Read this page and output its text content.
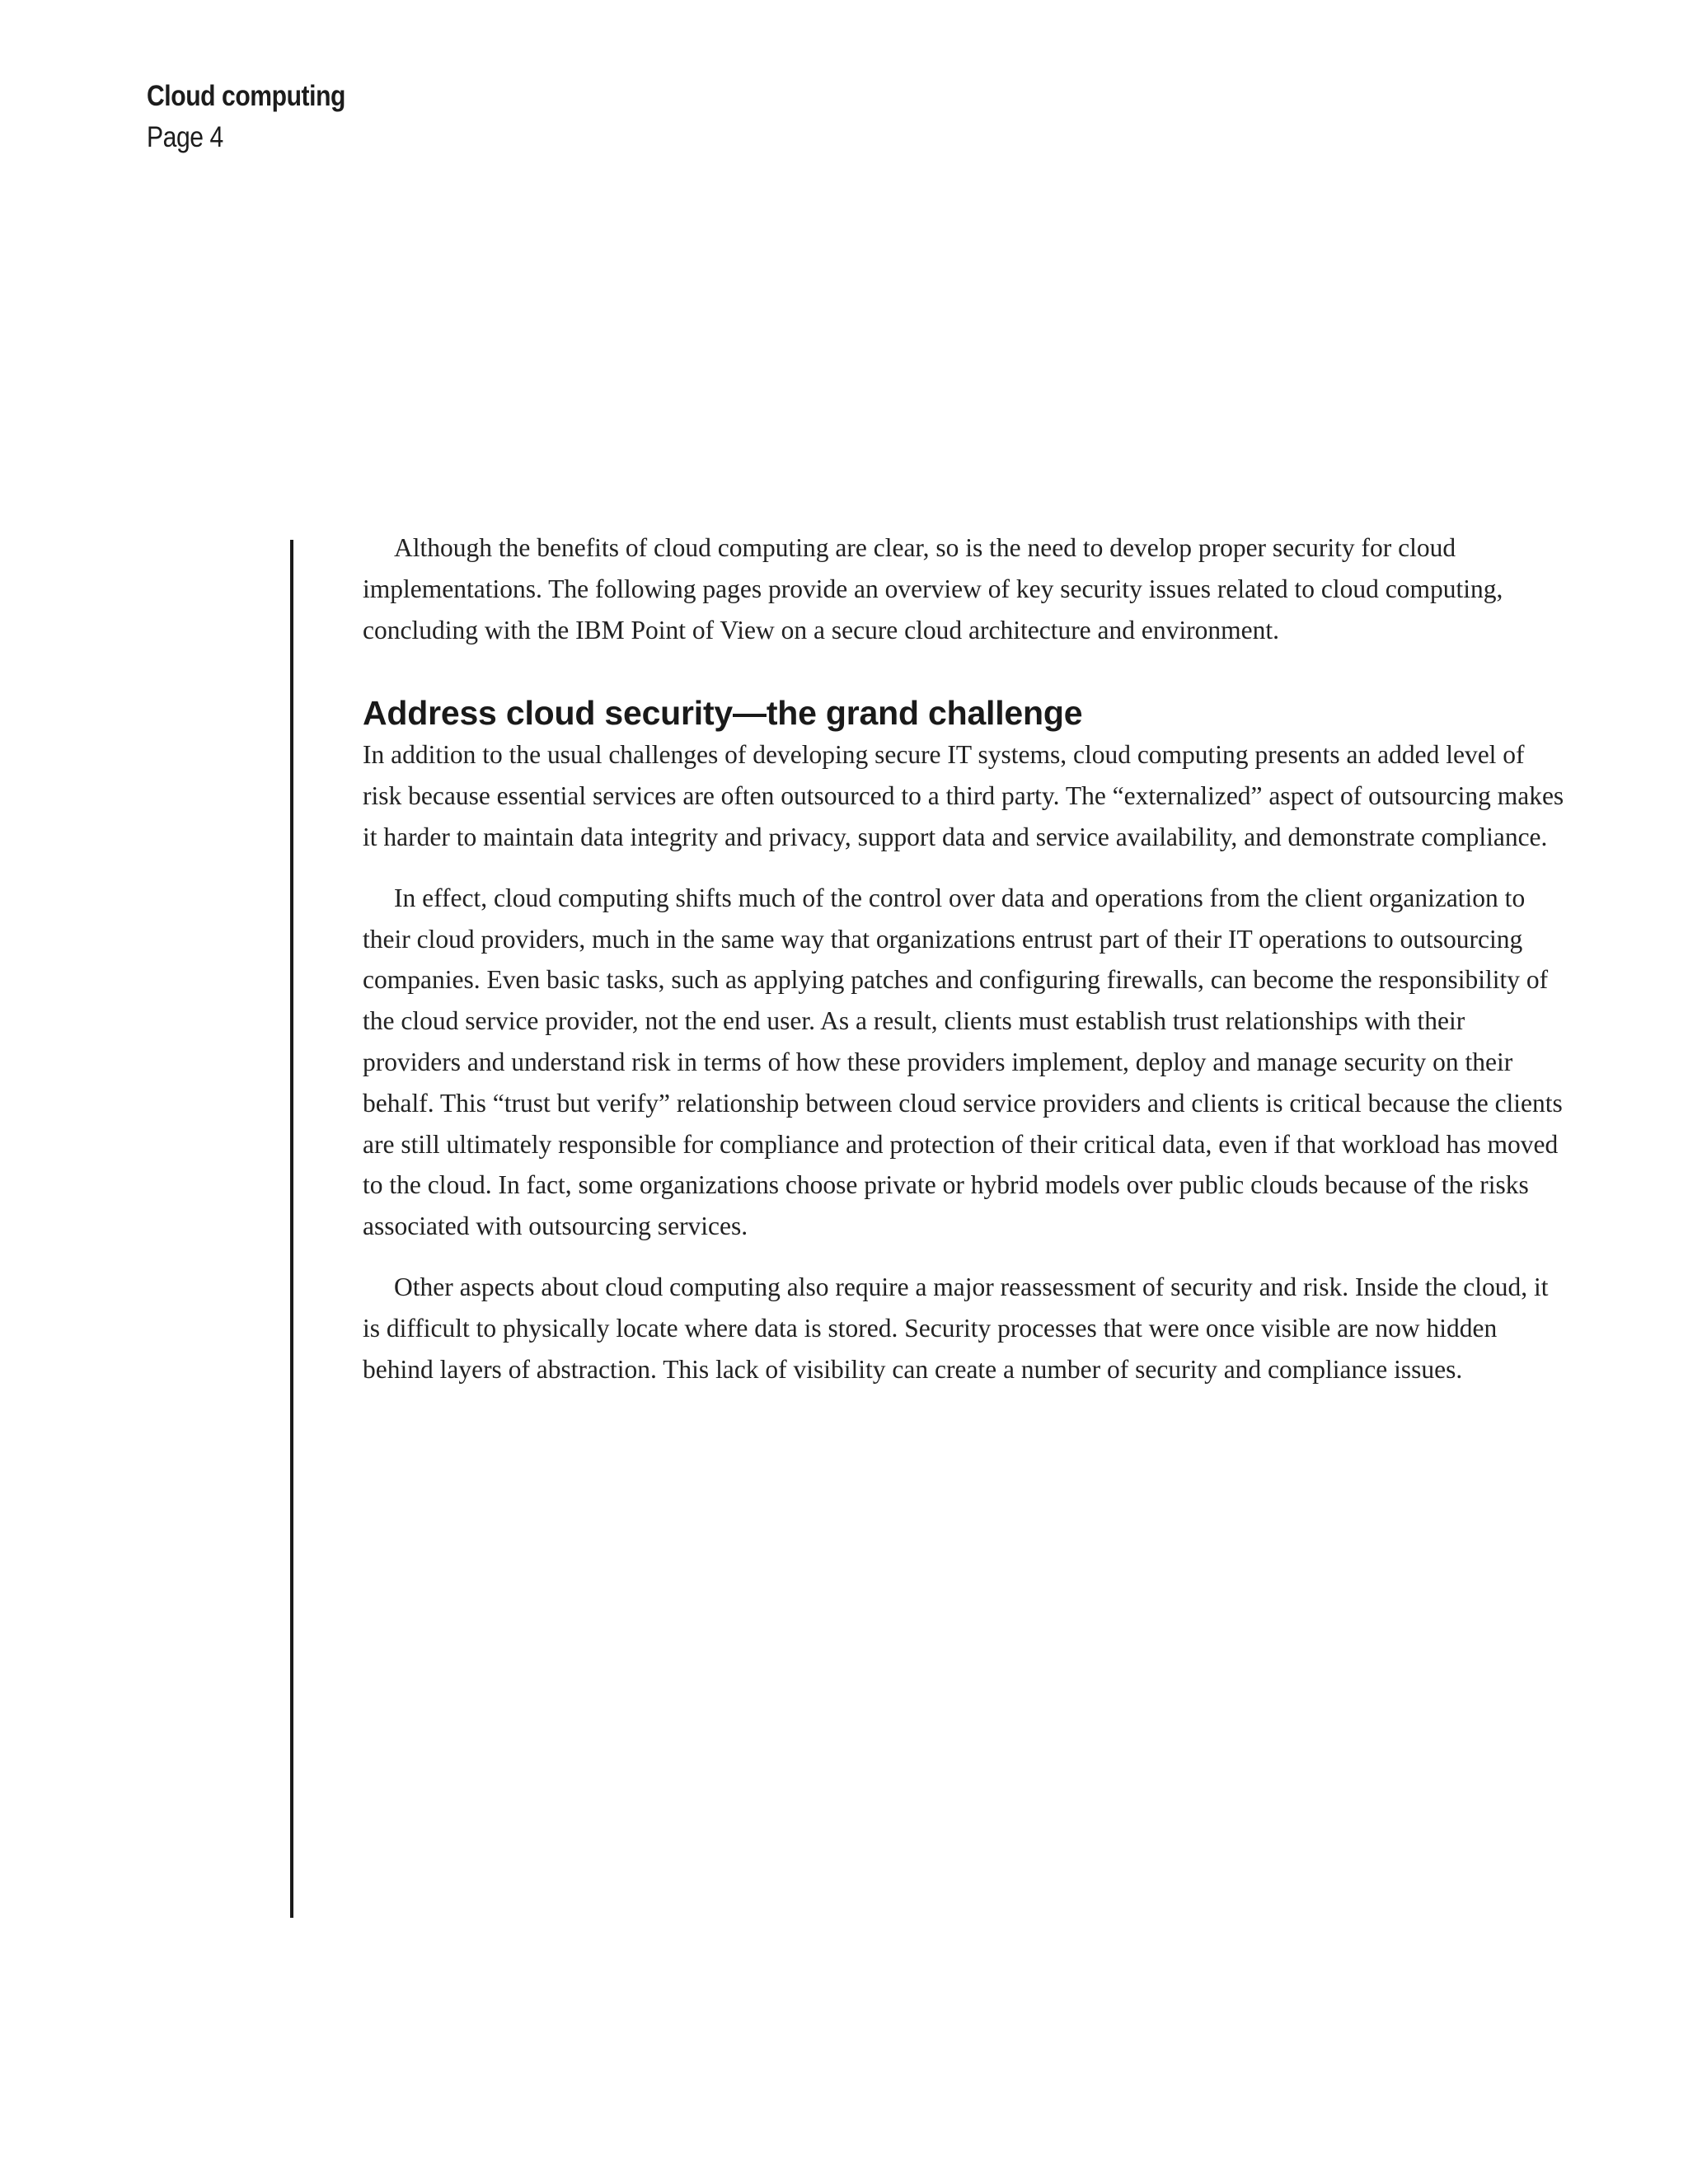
Cloud computing
Page 4

Although the benefits of cloud computing are clear, so is the need to develop proper security for cloud implementations. The following pages provide an overview of key security issues related to cloud computing, concluding with the IBM Point of View on a secure cloud architecture and environment.

Address cloud security—the grand challenge

In addition to the usual challenges of developing secure IT systems, cloud computing presents an added level of risk because essential services are often outsourced to a third party. The “externalized” aspect of outsourcing makes it harder to maintain data integrity and privacy, support data and service availability, and demonstrate compliance.

In effect, cloud computing shifts much of the control over data and operations from the client organization to their cloud providers, much in the same way that organizations entrust part of their IT operations to outsourcing companies. Even basic tasks, such as applying patches and configuring firewalls, can become the responsibility of the cloud service provider, not the end user. As a result, clients must establish trust relationships with their providers and understand risk in terms of how these providers implement, deploy and manage security on their behalf. This “trust but verify” relationship between cloud service providers and clients is critical because the clients are still ultimately responsible for compliance and protection of their critical data, even if that workload has moved to the cloud. In fact, some organizations choose private or hybrid models over public clouds because of the risks associated with outsourcing services.

Other aspects about cloud computing also require a major reassessment of security and risk. Inside the cloud, it is difficult to physically locate where data is stored. Security processes that were once visible are now hidden behind layers of abstraction. This lack of visibility can create a number of security and compliance issues.
